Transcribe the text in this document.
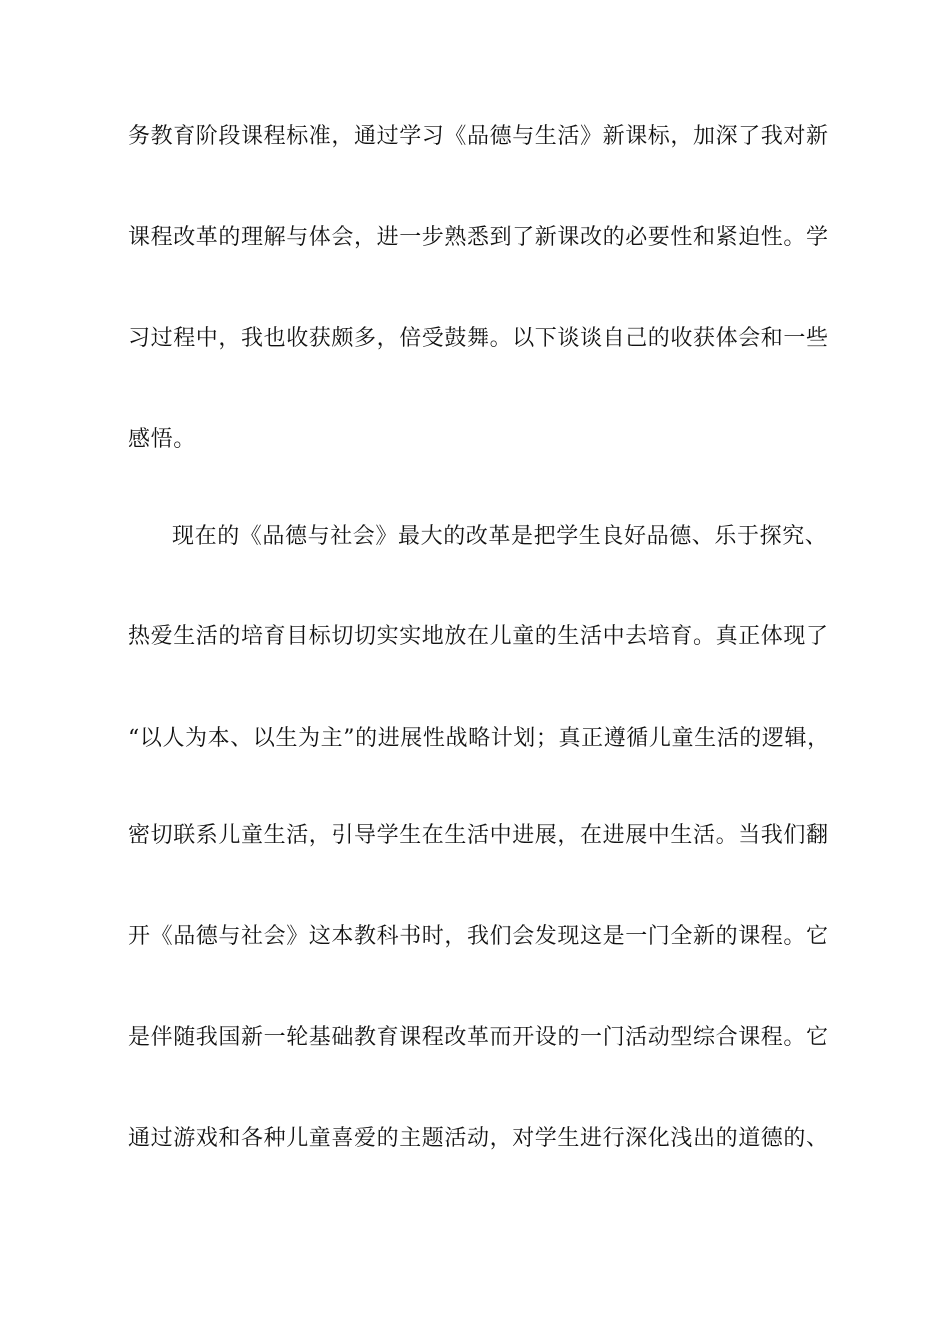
务教育阶段课程标准，通过学习《品德与生活》新课标，加深了我对新
课程改革的理解与体会，进一步熟悉到了新课改的必要性和紧迫性。学
习过程中，我也收获颇多，倍受鼓舞。以下谈谈自己的收获体会和一些
感悟。
现在的《品德与社会》最大的改革是把学生良好品德、乐于探究、
热爱生活的培育目标切切实实地放在儿童的生活中去培育。真正体现了
“以人为本、以生为主”的进展性战略计划；真正遵循儿童生活的逻辑，
密切联系儿童生活，引导学生在生活中进展，在进展中生活。当我们翻
开《品德与社会》这本教科书时，我们会发现这是一门全新的课程。它
是伴随我国新一轮基础教育课程改革而开设的一门活动型综合课程。它
通过游戏和各种儿童喜爱的主题活动，对学生进行深化浅出的道德的、
